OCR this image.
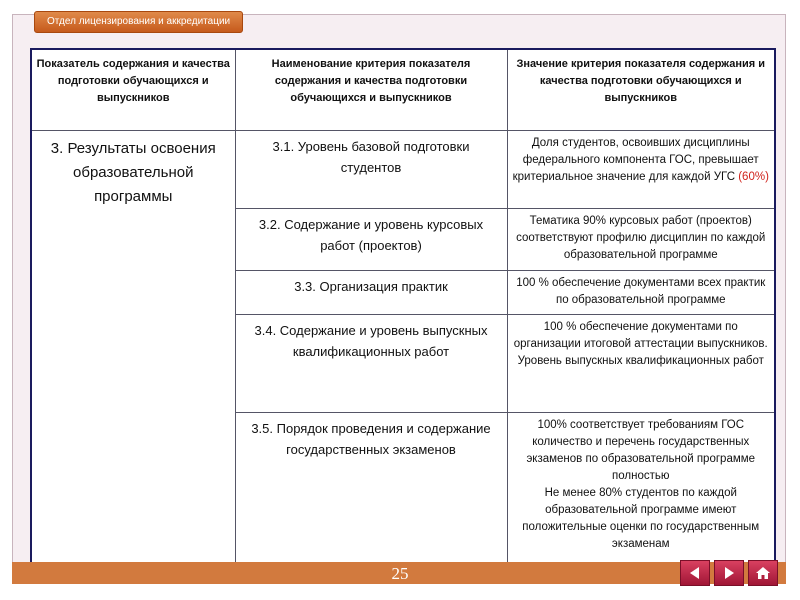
Отдел лицензирования и аккредитации
Показатель содержания и качества подготовки обучающихся и выпускников	Наименование критерия показателя содержания и качества подготовки обучающихся и выпускников	Значение критерия показателя содержания и качества подготовки обучающихся и выпускников
3. Результаты освоения образовательной программы	3.1. Уровень базовой подготовки студентов	Доля студентов, освоивших дисциплины федерального компонента ГОС, превышает критериальное значение для каждой УГС (60%)
	3.2. Содержание и уровень курсовых работ (проектов)	Тематика 90% курсовых работ (проектов) соответствуют профилю дисциплин по каждой образовательной программе
	3.3. Организация практик	100 % обеспечение документами всех практик по образовательной программе
	3.4. Содержание и уровень выпускных квалификационных работ	100 % обеспечение документами по организации итоговой аттестации выпускников.
Уровень выпускных квалификационных работ

	3.5. Порядок проведения и содержание государственных экзаменов	100% соответствует требованиям ГОС количество и перечень государственных экзаменов по образовательной программе полностью
Не менее 80% студентов по каждой образовательной программе имеют положительные оценки по государственным экзаменам
25
